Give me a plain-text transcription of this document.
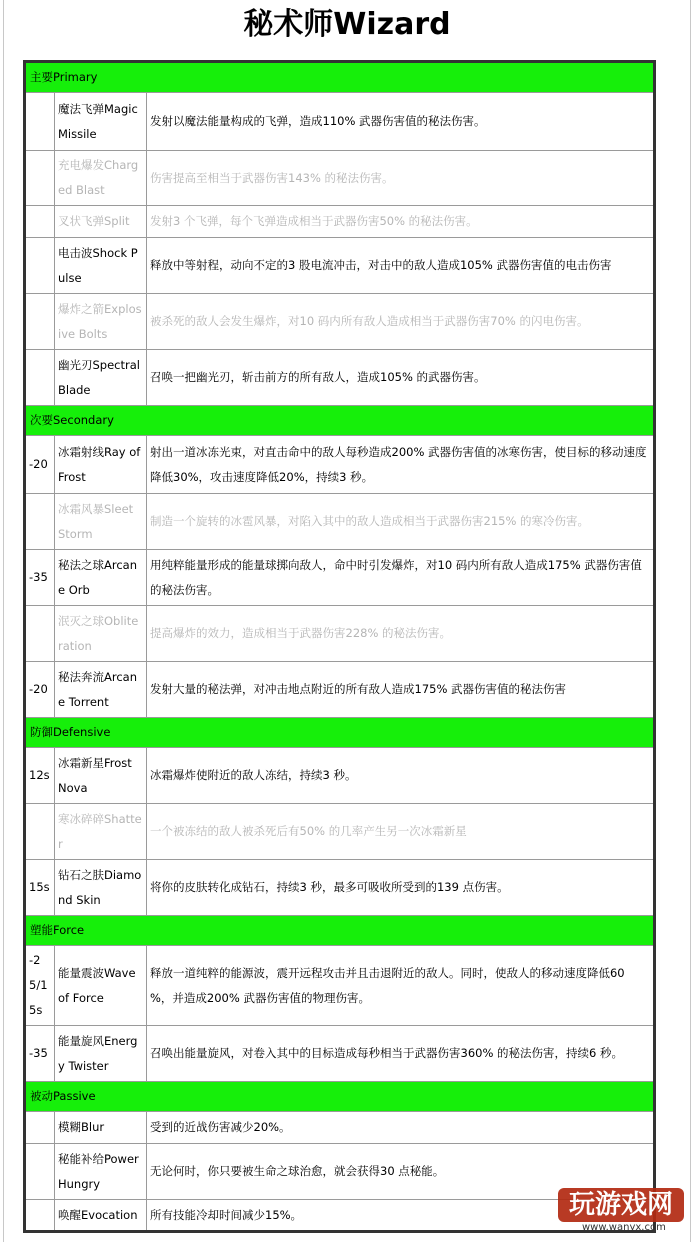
秘术师Wizard
主要Primary		
	魔法飞弹Magic Missile	发射以魔法能量构成的飞弹，造成110% 武器伤害值的秘法伤害。
	充电爆发Charged Blast	伤害提高至相当于武器伤害143% 的秘法伤害。
	叉状飞弹Split	发射3 个飞弹，每个飞弹造成相当于武器伤害50% 的秘法伤害。
	电击波Shock Pulse	释放中等射程，动向不定的3 股电流冲击，对击中的敌人造成105% 武器伤害值的电击伤害
	爆炸之箭Explosive Bolts	被杀死的敌人会发生爆炸，对10 码内所有敌人造成相当于武器伤害70% 的闪电伤害。
	幽光刃Spectral Blade	召唤一把幽光刃，斩击前方的所有敌人，造成105% 的武器伤害。
次要Secondary		
-20	冰霜射线Ray of Frost	射出一道冰冻光束，对直击命中的敌人每秒造成200% 武器伤害值的冰寒伤害，使目标的移动速度降低30%，攻击速度降低20%，持续3 秒。
	冰霜风暴Sleet Storm	制造一个旋转的冰雹风暴，对陷入其中的敌人造成相当于武器伤害215% 的寒冷伤害。
-35	秘法之球Arcane Orb	用纯粹能量形成的能量球掷向敌人，命中时引发爆炸，对10 码内所有敌人造成175% 武器伤害值的秘法伤害。
	泯灭之球Obliteration	提高爆炸的效力，造成相当于武器伤害228% 的秘法伤害。
-20	秘法奔流Arcane Torrent	发射大量的秘法弹，对冲击地点附近的所有敌人造成175% 武器伤害值的秘法伤害
防御Defensive		
12s	冰霜新星Frost Nova	冰霜爆炸使附近的敌人冻结，持续3 秒。
	寒冰碎碎Shatter	一个被冻结的敌人被杀死后有50% 的几率产生另一次冰霜新星
15s	钻石之肤Diamond Skin	将你的皮肤转化成钻石，持续3 秒，最多可吸收所受到的139 点伤害。
塑能Force		
-25/15s	能量震波Wave of Force	释放一道纯粹的能源波，震开远程攻击并且击退附近的敌人。同时，使敌人的移动速度降低60 %，并造成200% 武器伤害值的物理伤害。
-35	能量旋风Energy Twister	召唤出能量旋风，对卷入其中的目标造成每秒相当于武器伤害360% 的秘法伤害，持续6 秒。
被动Passive		
	模糊Blur	受到的近战伤害减少20%。
	秘能补给Power Hungry	无论何时，你只要被生命之球治愈，就会获得30 点秘能。
	唤醒Evocation	所有技能冷却时间减少15%。	玩游戏网
www.wanyx.com
